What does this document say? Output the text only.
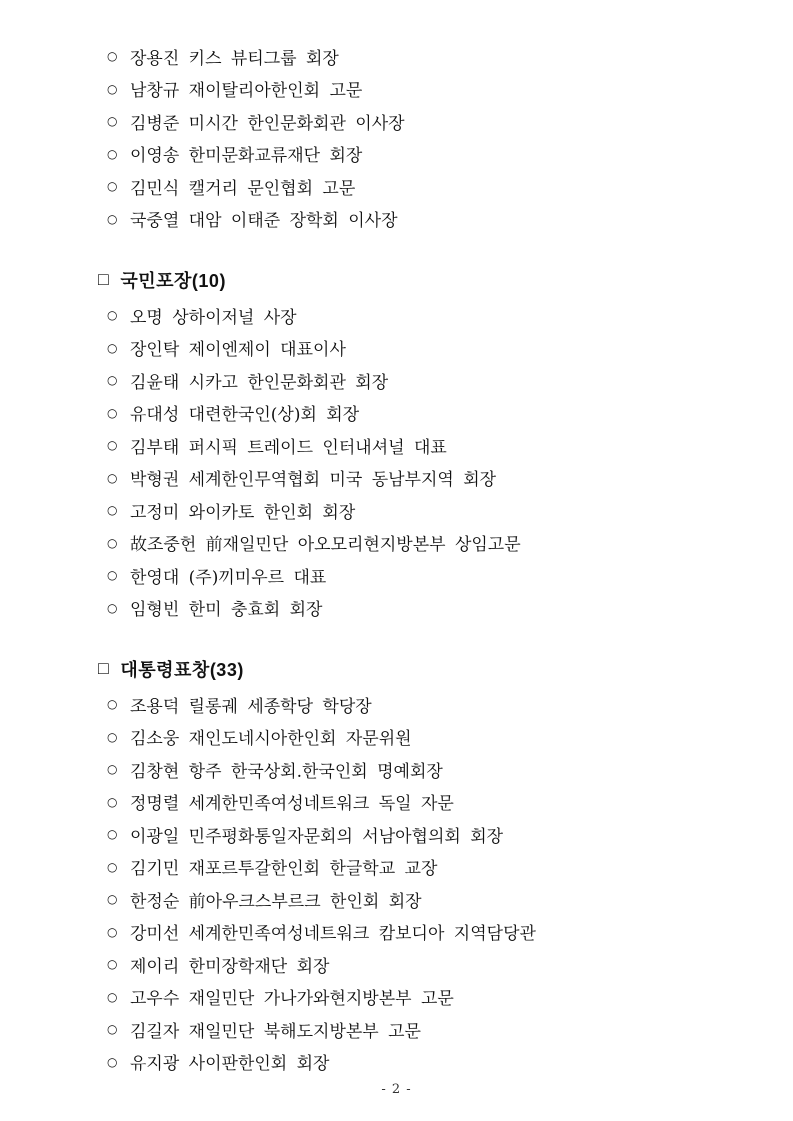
○ 장용진 키스 뷰티그룹 회장
○ 남창규 재이탈리아한인회 고문
○ 김병준 미시간 한인문화회관 이사장
○ 이영송 한미문화교류재단 회장
○ 김민식 캘거리 문인협회 고문
○ 국중열 대암 이태준 장학회 이사장
□ 국민포장(10)
○ 오명 상하이저널 사장
○ 장인탁 제이엔제이 대표이사
○ 김윤태 시카고 한인문화회관 회장
○ 유대성 대련한국인(상)회 회장
○ 김부태 퍼시픽 트레이드 인터내셔널 대표
○ 박형권 세계한인무역협회 미국 동남부지역 회장
○ 고정미 와이카토 한인회 회장
○ 故조중헌 前재일민단 아오모리현지방본부 상임고문
○ 한영대 (주)끼미우르 대표
○ 임형빈 한미 충효회 회장
□ 대통령표창(33)
○ 조용덕 릴롱궤 세종학당 학당장
○ 김소웅 재인도네시아한인회 자문위원
○ 김창현 항주 한국상회.한국인회 명예회장
○ 정명렬 세계한민족여성네트워크 독일 자문
○ 이광일 민주평화통일자문회의 서남아협의회 회장
○ 김기민 재포르투갈한인회 한글학교 교장
○ 한정순 前아우크스부르크 한인회 회장
○ 강미선 세계한민족여성네트워크 캄보디아 지역담당관
○ 제이리 한미장학재단 회장
○ 고우수 재일민단 가나가와현지방본부 고문
○ 김길자 재일민단 북해도지방본부 고문
○ 유지광 사이판한인회 회장
- 2 -
